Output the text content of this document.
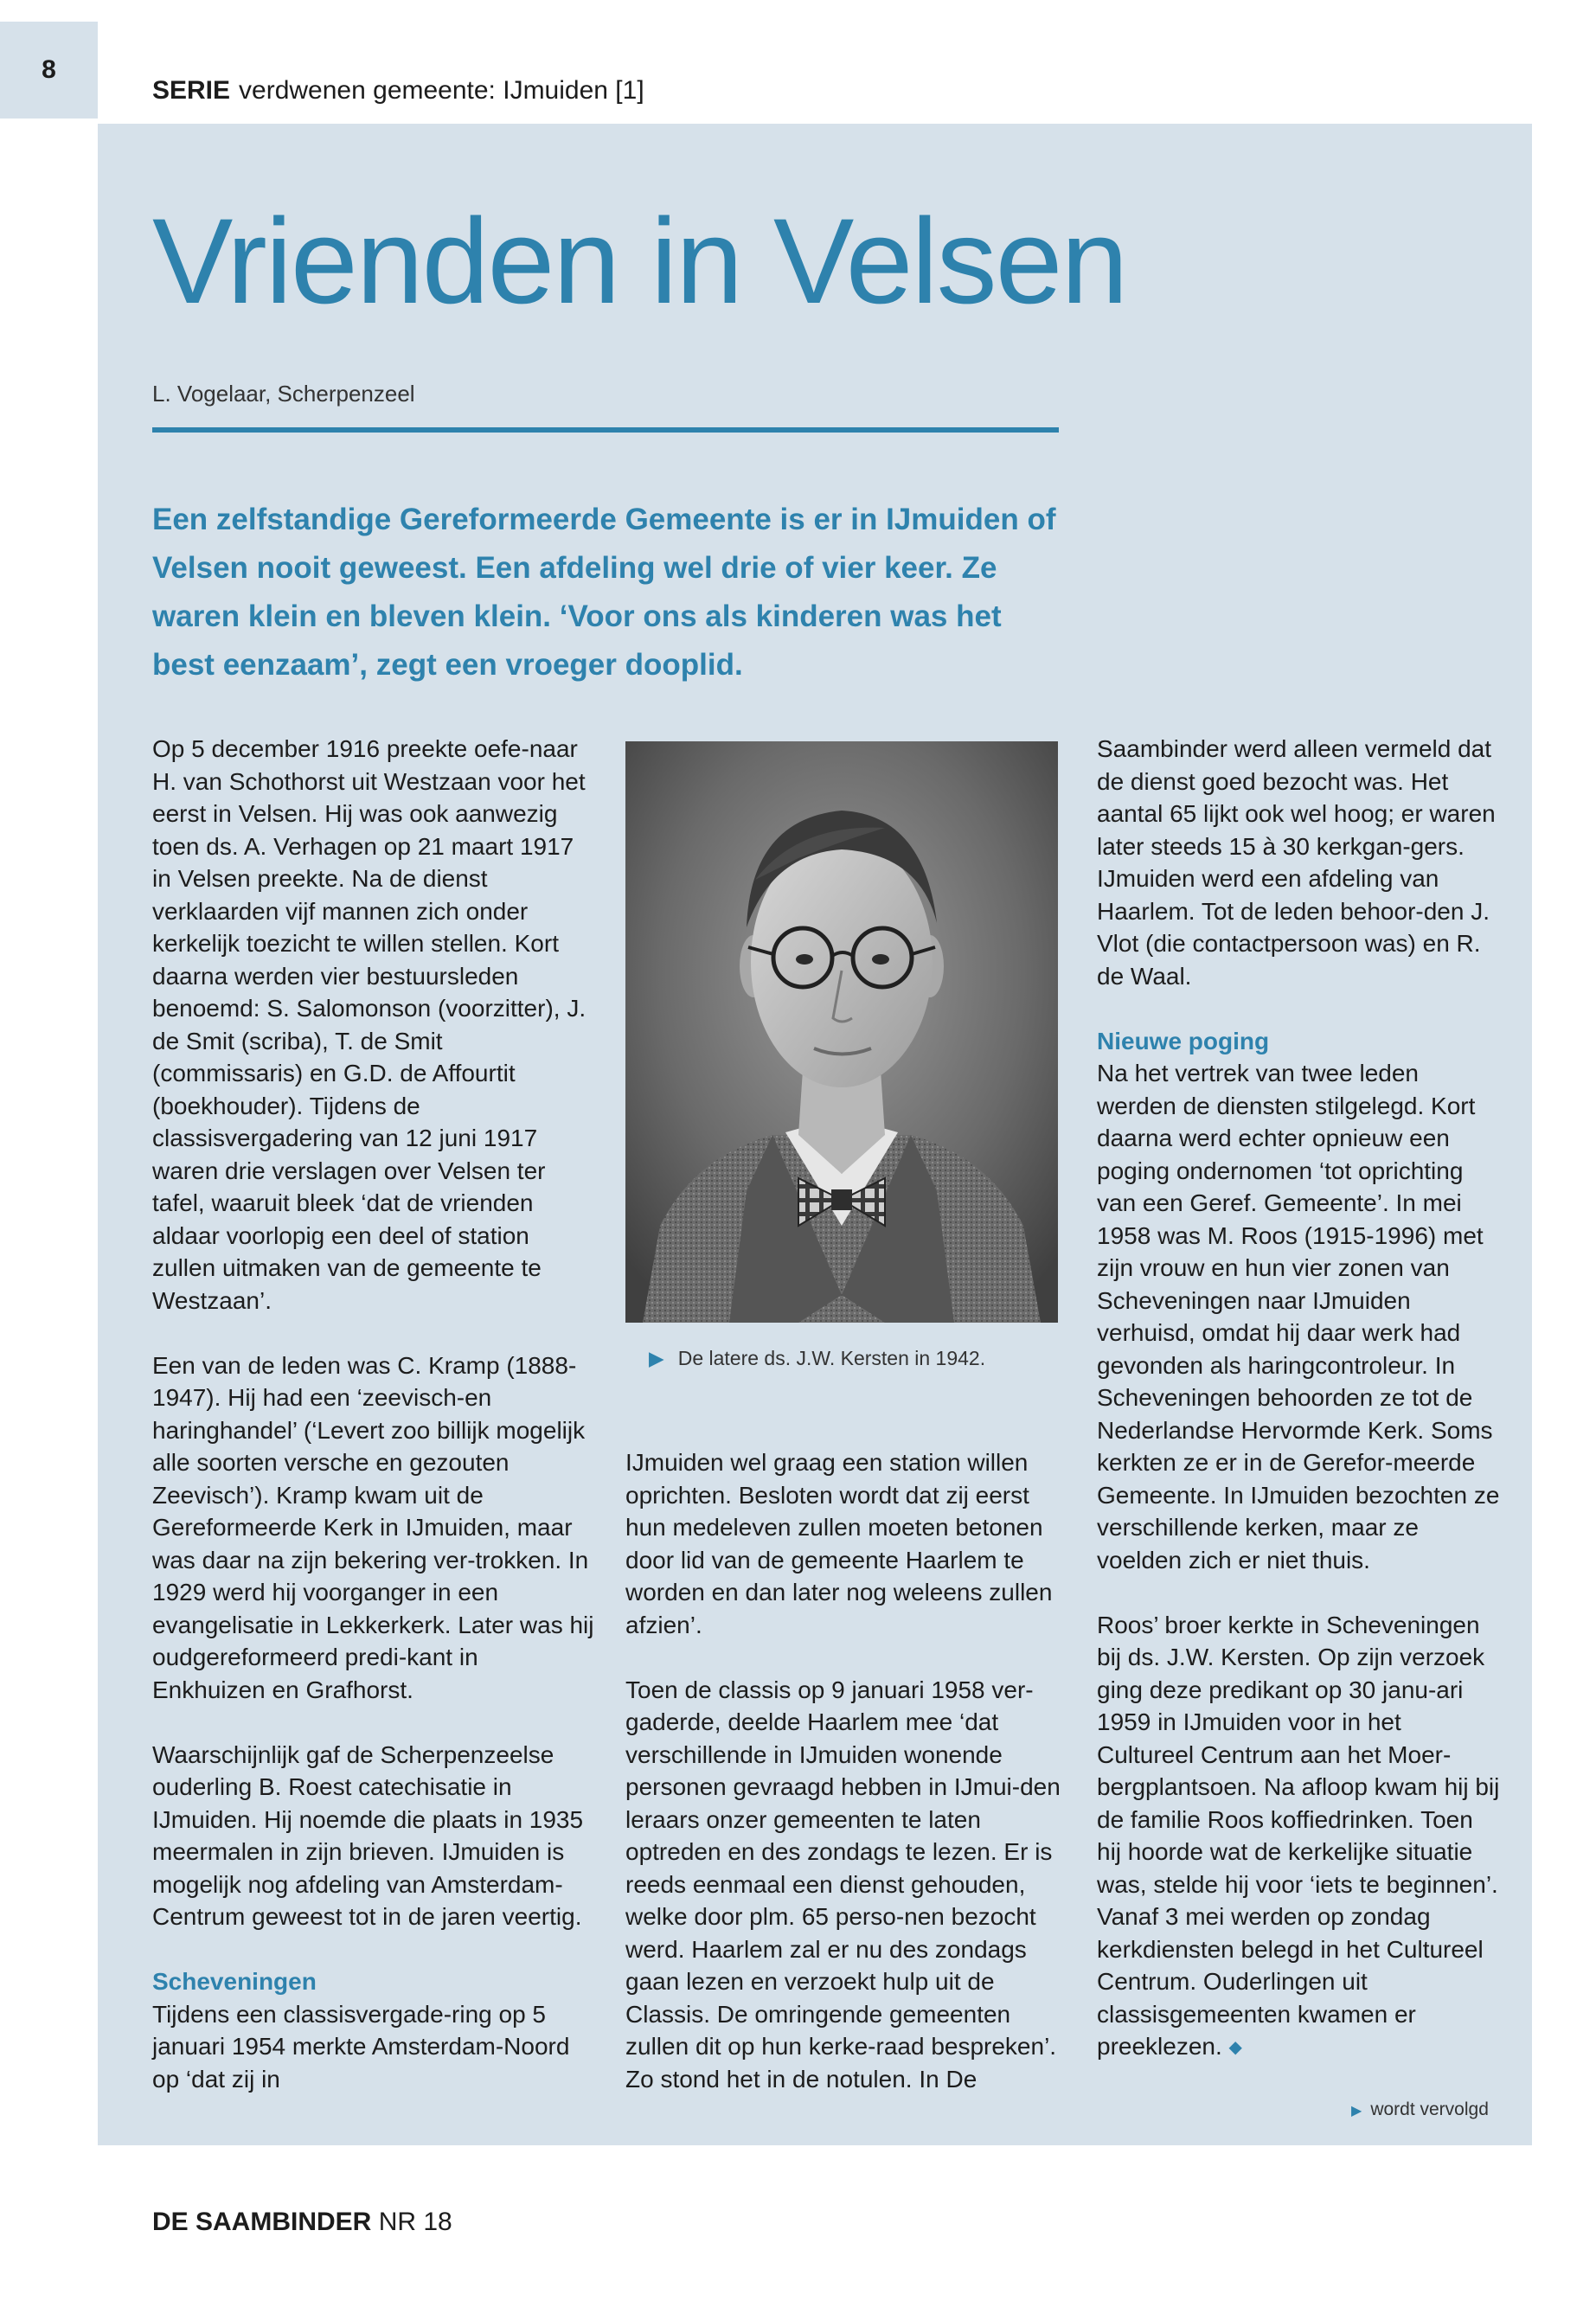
8
SERIE verdwenen gemeente: IJmuiden [1]
Vrienden in Velsen
L. Vogelaar, Scherpenzeel

Een zelfstandige Gereformeerde Gemeente is er in IJmuiden of Velsen nooit geweest. Een afdeling wel drie of vier keer. Ze waren klein en bleven klein. ‘Voor ons als kinderen was het best eenzaam’, zegt een vroeger dooplid.

Op 5 december 1916 preekte oefe-naar H. van Schothorst uit Westzaan voor het eerst in Velsen. Hij was ook aanwezig toen ds. A. Verhagen op 21 maart 1917 in Velsen preekte. Na de dienst verklaarden vijf mannen zich onder kerkelijk toezicht te willen stellen. Kort daarna werden vier bestuursleden benoemd: S. Salomonson (voorzitter), J. de Smit (scriba), T. de Smit (commissaris) en G.D. de Affourtit (boekhouder). Tijdens de classisvergadering van 12 juni 1917 waren drie verslagen over Velsen ter tafel, waaruit bleek ‘dat de vrienden aldaar voorlopig een deel of station zullen uitmaken van de gemeente te Westzaan’.

Een van de leden was C. Kramp (1888-1947). Hij had een ‘zeevisch-en haringhandel’ (‘Levert zoo billijk mogelijk alle soorten versche en gezouten Zeevisch’). Kramp kwam uit de Gereformeerde Kerk in IJmuiden, maar was daar na zijn bekering ver-trokken. In 1929 werd hij voorganger in een evangelisatie in Lekkerkerk. Later was hij oudgereformeerd predi-kant in Enkhuizen en Grafhorst.

Waarschijnlijk gaf de Scherpenzeelse ouderling B. Roest catechisatie in IJmuiden. Hij noemde die plaats in 1935 meermalen in zijn brieven. IJmuiden is mogelijk nog afdeling van Amsterdam-Centrum geweest tot in de jaren veertig.

Scheveningen

Tijdens een classisvergade-ring op 5 januari 1954 merkte Amsterdam-Noord op ‘dat zij in

▶ De latere ds. J.W. Kersten in 1942.

IJmuiden wel graag een station willen oprichten. Besloten wordt dat zij eerst hun medeleven zullen moeten betonen door lid van de gemeente Haarlem te worden en dan later nog weleens zullen afzien’.

Toen de classis op 9 januari 1958 ver-gaderde, deelde Haarlem mee ‘dat verschillende in IJmuiden wonende personen gevraagd hebben in IJmui-den leraars onzer gemeenten te laten optreden en des zondags te lezen. Er is reeds eenmaal een dienst gehouden, welke door plm. 65 perso-nen bezocht werd. Haarlem zal er nu des zondags gaan lezen en verzoekt hulp uit de Classis. De omringende gemeenten zullen dit op hun kerke-raad bespreken’. Zo stond het in de notulen. In De

Saambinder werd alleen vermeld dat de dienst goed bezocht was. Het aantal 65 lijkt ook wel hoog; er waren later steeds 15 à 30 kerkgan-gers. IJmuiden werd een afdeling van Haarlem. Tot de leden behoor-den J. Vlot (die contactpersoon was) en R. de Waal.

Nieuwe poging

Na het vertrek van twee leden werden de diensten stilgelegd. Kort daarna werd echter opnieuw een poging ondernomen ‘tot oprichting van een Geref. Gemeente’. In mei 1958 was M. Roos (1915-1996) met zijn vrouw en hun vier zonen van Scheveningen naar IJmuiden verhuisd, omdat hij daar werk had gevonden als haringcontroleur. In Scheveningen behoorden ze tot de Nederlandse Hervormde Kerk. Soms kerkten ze er in de Gerefor-meerde Gemeente. In IJmuiden bezochten ze verschillende kerken, maar ze voelden zich er niet thuis.

Roos’ broer kerkte in Scheveningen bij ds. J.W. Kersten. Op zijn verzoek ging deze predikant op 30 janu-ari 1959 in IJmuiden voor in het Cultureel Centrum aan het Moer-bergplantsoen. Na afloop kwam hij bij de familie Roos koffiedrinken. Toen hij hoorde wat de kerkelijke situatie was, stelde hij voor ‘iets te beginnen’. Vanaf 3 mei werden op zondag kerkdiensten belegd in het Cultureel Centrum. Ouderlingen uit classisgemeenten kwamen er preeklezen. ◆

▶ wordt vervolgd
DE SAAMBINDER NR 18
